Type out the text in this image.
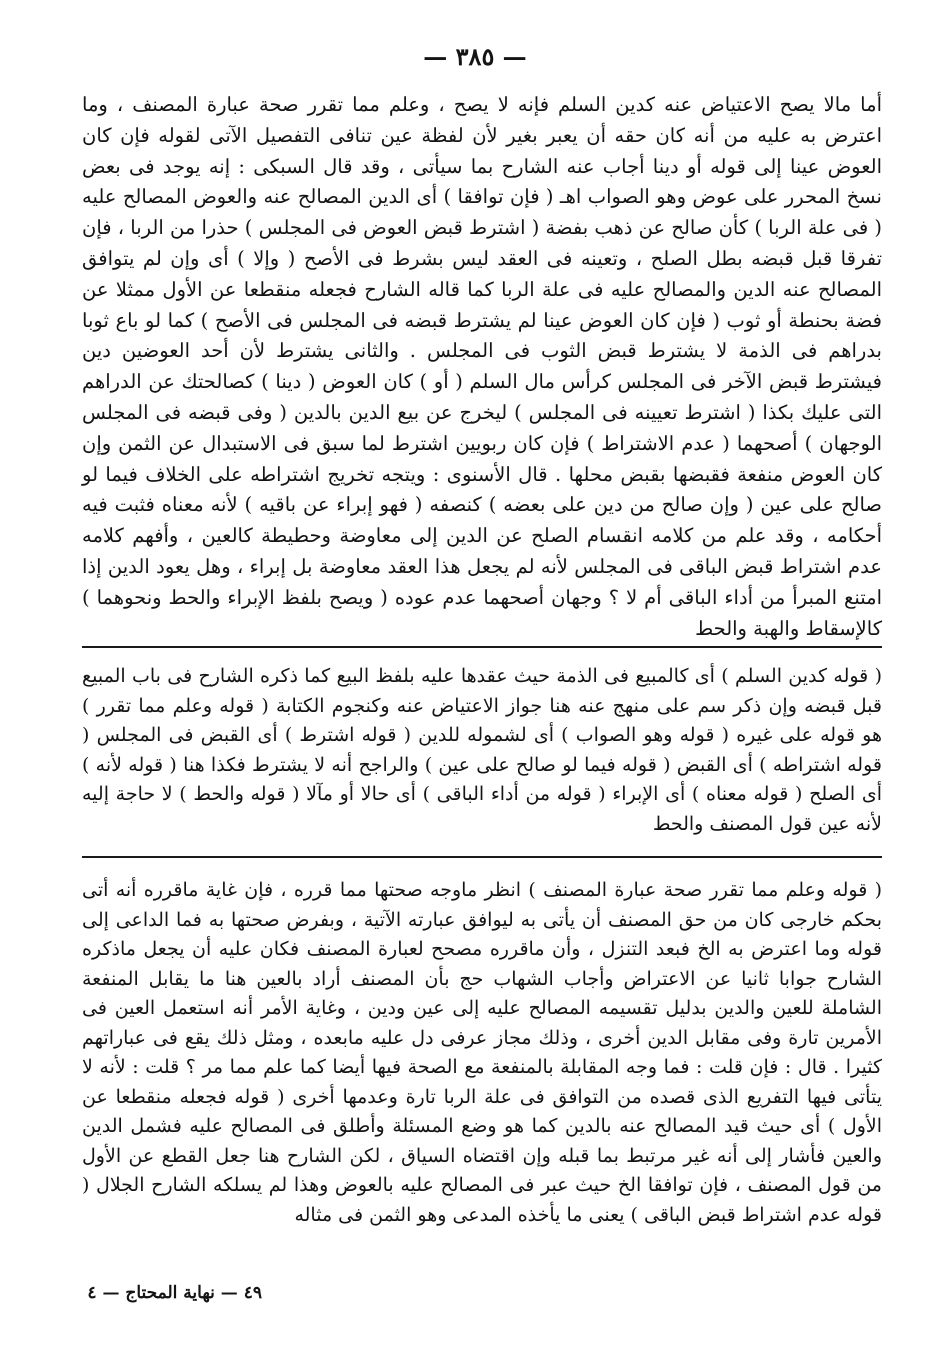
— ٣٨٥ —

أما مالا يصح الاعتياض عنه كدين السلم فإنه لا يصح ، وعلم مما تقرر صحة عبارة المصنف ، وما اعترض به عليه من أنه كان حقه أن يعبر بغير لأن لفظة عين تنافى التفصيل الآتى لقوله فإن كان العوض عينا إلى قوله أو دينا أجاب عنه الشارح بما سيأتى ، وقد قال السبكى : إنه يوجد فى بعض نسخ المحرر على عوض وهو الصواب اهـ ( فإن توافقا ) أى الدين المصالح عنه والعوض المصالح عليه ( فى علة الربا ) كأن صالح عن ذهب بفضة ( اشترط قبض العوض فى المجلس ) حذرا من الربا ، فإن تفرقا قبل قبضه بطل الصلح ، وتعينه فى العقد ليس بشرط فى الأصح ( وإلا ) أى وإن لم يتوافق المصالح عنه الدين والمصالح عليه فى علة الربا كما قاله الشارح فجعله منقطعا عن الأول ممثلا عن فضة بحنطة أو ثوب ( فإن كان العوض عينا لم يشترط قبضه فى المجلس فى الأصح ) كما لو باع ثوبا بدراهم فى الذمة لا يشترط قبض الثوب فى المجلس . والثانى يشترط لأن أحد العوضين دين فيشترط قبض الآخر فى المجلس كرأس مال السلم ( أو ) كان العوض ( دينا ) كصالحتك عن الدراهم التى عليك بكذا ( اشترط تعيينه فى المجلس ) ليخرج عن بيع الدين بالدين ( وفى قبضه فى المجلس الوجهان ) أصحهما ( عدم الاشتراط ) فإن كان ربويين اشترط لما سبق فى الاستبدال عن الثمن وإن كان العوض منفعة فقبضها بقبض محلها . قال الأسنوى : ويتجه تخريج اشتراطه على الخلاف فيما لو صالح على عين ( وإن صالح من دين على بعضه ) كنصفه ( فهو إبراء عن باقيه ) لأنه معناه فثبت فيه أحكامه ، وقد علم من كلامه انقسام الصلح عن الدين إلى معاوضة وحطيطة كالعين ، وأفهم كلامه عدم اشتراط قبض الباقى فى المجلس لأنه لم يجعل هذا العقد معاوضة بل إبراء ، وهل يعود الدين إذا امتنع المبرأ من أداء الباقى أم لا ؟ وجهان أصحهما عدم عوده ( ويصح بلفظ الإبراء والحط ونحوهما ) كالإسقاط والهبة والحط

( قوله كدين السلم ) أى كالمبيع فى الذمة حيث عقدها عليه بلفظ البيع كما ذكره الشارح فى باب المبيع قبل قبضه وإن ذكر سم على منهج عنه هنا جواز الاعتياض عنه وكنجوم الكتابة ( قوله وعلم مما تقرر ) هو قوله على غيره ( قوله وهو الصواب ) أى لشموله للدين ( قوله اشترط ) أى القبض فى المجلس ( قوله اشتراطه ) أى القبض ( قوله فيما لو صالح على عين ) والراجح أنه لا يشترط فكذا هنا ( قوله لأنه ) أى الصلح ( قوله معناه ) أى الإبراء ( قوله من أداء الباقى ) أى حالا أو مآلا ( قوله والحط ) لا حاجة إليه لأنه عين قول المصنف والحط

( قوله وعلم مما تقرر صحة عبارة المصنف ) انظر ماوجه صحتها مما قرره ، فإن غاية ماقرره أنه أتى بحكم خارجى كان من حق المصنف أن يأتى به ليوافق عبارته الآتية ، وبفرض صحتها به فما الداعى إلى قوله وما اعترض به الخ فبعد التنزل ، وأن ماقرره مصحح لعبارة المصنف فكان عليه أن يجعل ماذكره الشارح جوابا ثانيا عن الاعتراض وأجاب الشهاب حج بأن المصنف أراد بالعين هنا ما يقابل المنفعة الشاملة للعين والدين بدليل تقسيمه المصالح عليه إلى عين ودين ، وغاية الأمر أنه استعمل العين فى الأمرين تارة وفى مقابل الدين أخرى ، وذلك مجاز عرفى دل عليه مابعده ، ومثل ذلك يقع فى عباراتهم كثيرا . قال : فإن قلت : فما وجه المقابلة بالمنفعة مع الصحة فيها أيضا كما علم مما مر ؟ قلت : لأنه لا يتأتى فيها التفريع الذى قصده من التوافق فى علة الربا تارة وعدمها أخرى ( قوله فجعله منقطعا عن الأول ) أى حيث قيد المصالح عنه بالدين كما هو وضع المسئلة وأطلق فى المصالح عليه فشمل الدين والعين فأشار إلى أنه غير مرتبط بما قبله وإن اقتضاه السياق ، لكن الشارح هنا جعل القطع عن الأول من قول المصنف ، فإن توافقا الخ حيث عبر فى المصالح عليه بالعوض وهذا لم يسلكه الشارح الجلال ( قوله عدم اشتراط قبض الباقى ) يعنى ما يأخذه المدعى وهو الثمن فى مثاله

٤٩ — نهاية المحتاج — ٤
